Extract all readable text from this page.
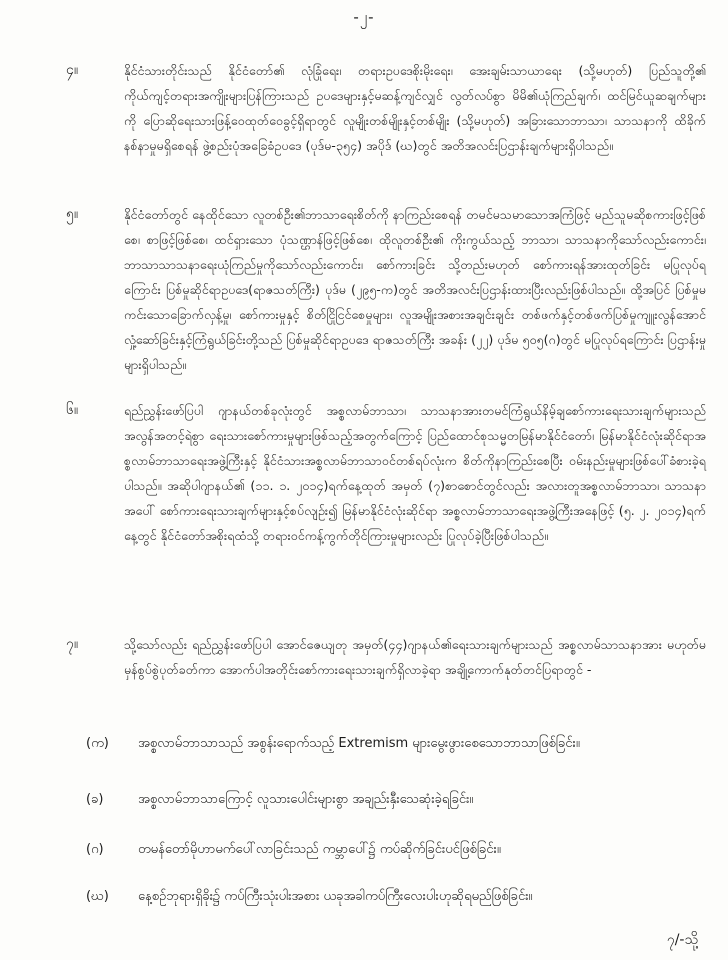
-၂-
၄။	နိုင်ငံသားတိုင်းသည် နိုင်ငံတော်၏ လုံခြုံရေး၊ တရားဥပဒေစိုးမိုးရေး၊ အေးချမ်းသာယာရေး (သို့မဟုတ်) ပြည်သူတို့၏ ကိုယ်ကျင့်တရားအကျိုးများပြန်ကြားသည် ဥပဒေများနှင့်မဆန့်ကျင်လျှင် လွတ်လပ်စွာ မိမိ၏ယုံကြည်ချက်၊ ထင်မြင်ယူဆချက်များကို ပြောဆိုရေးသားဖြန့်ဝေထုတ်ဝေခွင့်ရှိရာတွင် လူမျိုးတစ်မျိုးနှင့်တစ်မျိုး (သို့မဟုတ်) အခြားသောဘာသာ၊ သာသနာကို ထိခိုက်နစ်နာမှုမရှိစေရန် ဖွဲ့စည်းပုံအခြေခံဥပဒေ (ပုဒ်မ-၃၅၄) အပိုဒ် (ဃ)တွင် အတိအလင်းပြဌာန်းချက်များရှိပါသည်။
၅။	နိုင်ငံတော်တွင် နေထိုင်သော လူတစ်ဦး၏ဘာသာရေးစိတ်ကို နာကြည်းစေရန် တမင်မသမာသောအကြံဖြင့် မည်သူမဆိုစကားဖြင့်ဖြစ်စေ၊ စာဖြင့်ဖြစ်စေ၊ ထင်ရှားသော ပုံသဏ္ဌာန်ဖြင့်ဖြစ်စေ၊ ထိုလူတစ်ဦး၏ ကိုးကွယ်သည့် ဘာသာ၊ သာသနာကိုသော်လည်းကောင်း၊ ဘာသာသာသနာရေးယုံကြည်မှုကိုသော်လည်းကောင်း၊ စော်ကားခြင်း သို့တည်းမဟုတ် စော်ကားရန်အားထုတ်ခြင်း မပြုလုပ်ရကြောင်း ပြစ်မှုဆိုင်ရာဥပဒေ(ရာဇသတ်ကြီး) ပုဒ်မ (၂၉၅-က)တွင် အတိအလင်းပြဌာန်းထားပြီးလည်းဖြစ်ပါသည်။ ထို့အပြင် ပြစ်မှုမကင်းသောခြောက်လှန့်မှု၊ စော်ကားမှုနှင့် စိတ်ငြိုငြင်စေမှုများ၊ လူအမျိုးအစားအချင်းချင်း တစ်ဖက်နှင့်တစ်ဖက်ပြစ်မှုကျူးလွန်အောင် လှုံ့ဆော်ခြင်းနှင့်ကြံရွယ်ခြင်းတို့သည် ပြစ်မှုဆိုင်ရာဥပဒေ ရာဇသတ်ကြီး အခန်း (၂၂) ပုဒ်မ ၅၀၅(ဂ)တွင် မပြုလုပ်ရကြောင်း ပြဌာန်းမှုများရှိပါသည်။
၆။	ရည်ညွှန်းဖော်ပြပါ ဂျာနယ်တစ်ခုလုံးတွင် အစ္စလာမ်ဘာသာ၊ သာသနာအားတမင်ကြံရွယ်နိမ့်ချစော်ကားရေးသားချက်များသည် အလွန်အတင့်ရဲစွာ ရေးသားစော်ကားမှုများဖြစ်သည့်အတွက်ကြောင့် ပြည်ထောင်စုသမ္မတမြန်မာနိုင်ငံတော်၊ မြန်မာနိုင်ငံလုံးဆိုင်ရာအစ္စလာမ်ဘာသာရေးအဖွဲ့ကြီးနှင့် နိုင်ငံသားအစ္စလာမ်ဘာသာဝင်တစ်ရပ်လုံးက စိတ်ကိုနာကြည်းစေပြီး ဝမ်းနည်းမှုများဖြစ်ပေါ်ခံစားခဲ့ရပါသည်။ အဆိုပါဂျာနယ်၏ (၁၁. ၁. ၂၀၁၄)ရက်နေ့ထုတ် အမှတ် (၇)စာစောင်တွင်လည်း အလားတူအစ္စလာမ်ဘာသာ၊ သာသနာအပေါ် စော်ကားရေးသားချက်များနှင့်စပ်လျဉ်း၍ မြန်မာနိုင်ငံလုံးဆိုင်ရာ အစ္စလာမ်ဘာသာရေးအဖွဲ့ကြီးအနေဖြင့် (၅. ၂. ၂၀၁၄)ရက်နေ့တွင် နိုင်ငံတော်အစိုးရထံသို့ တရားဝင်ကန့်ကွက်တိုင်ကြားမှုများလည်း ပြုလုပ်ခဲ့ပြီးဖြစ်ပါသည်။
၇။	သို့သော်လည်း ရည်ညွှန်းဖော်ပြပါ အောင်ဇေယျတု အမှတ်(၄၄)ဂျာနယ်၏ရေးသားချက်များသည် အစ္စလာမ်သာသနာအား မဟုတ်မမှန်စွပ်စွဲပုတ်ခတ်ကာ အောက်ပါအတိုင်းစော်ကားရေးသားချက်ရှိလာခဲ့ရာ အချို့ကောက်နုတ်တင်ပြရာတွင် -
(က) အစ္စလာမ်ဘာသာသည် အစွန်းရောက်သည့် Extremism များမွေးဖွားစေသောဘာသာဖြစ်ခြင်း။
(ခ)	အစ္စလာမ်ဘာသာကြောင့် လူသားပေါင်းများစွာ အချည်းနှီးသေဆုံးခဲ့ရခြင်း။
(ဂ)	တမန်တော်မိုဟာမက်ပေါ်လာခြင်းသည် ကမ္ဘာပေါ်၌ ကပ်ဆိုက်ခြင်းပင်ဖြစ်ခြင်း။
(ဃ) နေ့စဉ်ဘုရားရှိခိုး၌ ကပ်ကြီးသုံးပါးအစား ယခုအခါကပ်ကြီးလေးပါးဟုဆိုရမည်ဖြစ်ခြင်း။
၇/-သို့
